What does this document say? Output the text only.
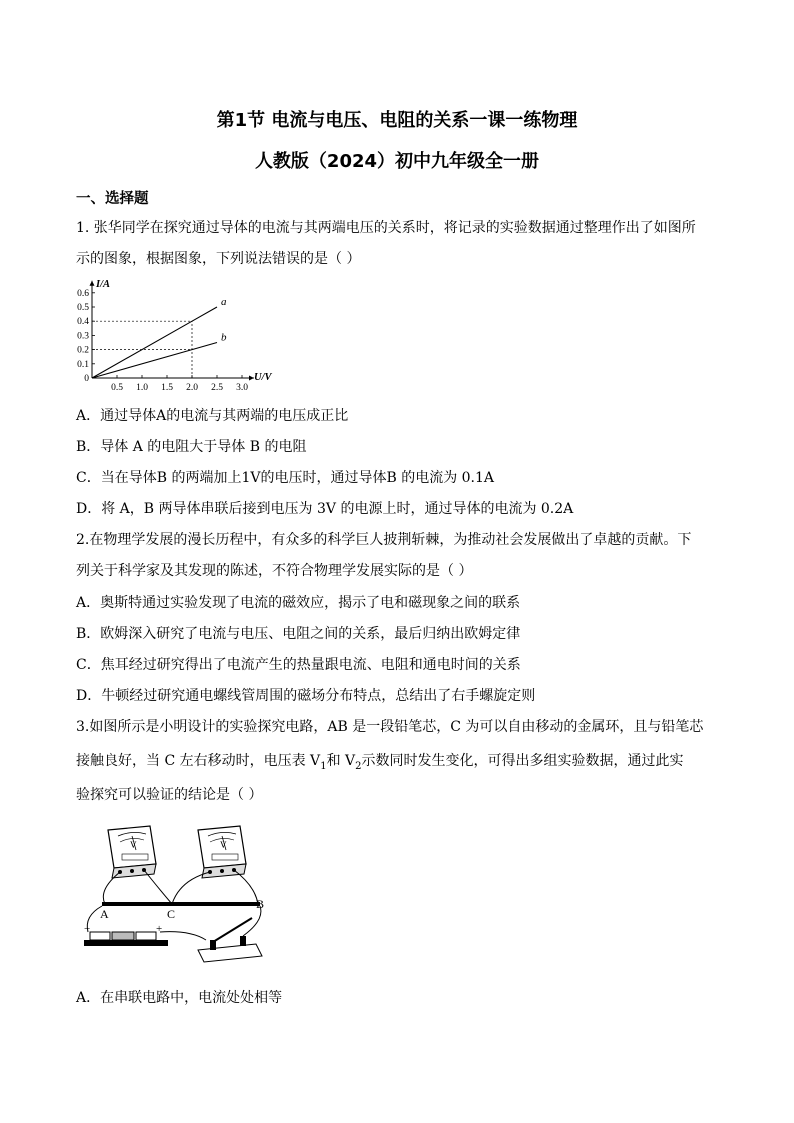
第1节 电流与电压、电阻的关系一课一练物理
人教版（2024）初中九年级全一册
一、选择题
1. 张华同学在探究通过导体的电流与其两端电压的关系时，将记录的实验数据通过整理作出了如图所
示的图象，根据图象，下列说法错误的是（ ）
0.5 1.0 1.5 2.0 2.5 3.0
0.1
0.2
0.3
0.4
0.5
0.6
0
I/A
U/V
a
b
A．通过导体A的电流与其两端的电压成正比
B．导体 A 的电阻大于导体 B 的电阻
C．当在导体B 的两端加上1V的电压时，通过导体B 的电流为 0.1A
D．将 A，B 两导体串联后接到电压为 3V 的电源上时，通过导体的电流为 0.2A
2.在物理学发展的漫长历程中，有众多的科学巨人披荆斩棘，为推动社会发展做出了卓越的贡献。下
列关于科学家及其发现的陈述，不符合物理学发展实际的是（ ）
A．奥斯特通过实验发现了电流的磁效应，揭示了电和磁现象之间的联系
B．欧姆深入研究了电流与电压、电阻之间的关系，最后归纳出欧姆定律
C．焦耳经过研究得出了电流产生的热量跟电流、电阻和通电时间的关系
D．牛顿经过研究通电螺线管周围的磁场分布特点，总结出了右手螺旋定则
3.如图所示是小明设计的实验探究电路，AB 是一段铅笔芯，C 为可以自由移动的金属环，且与铅笔芯
接触良好，当 C 左右移动时，电压表 $V_1$和 $V_2$示数同时发生变化，可得出多组实验数据，通过此实
验探究可以验证的结论是（ ）
V	V
A	C
B
−	+
A．在串联电路中，电流处处相等
